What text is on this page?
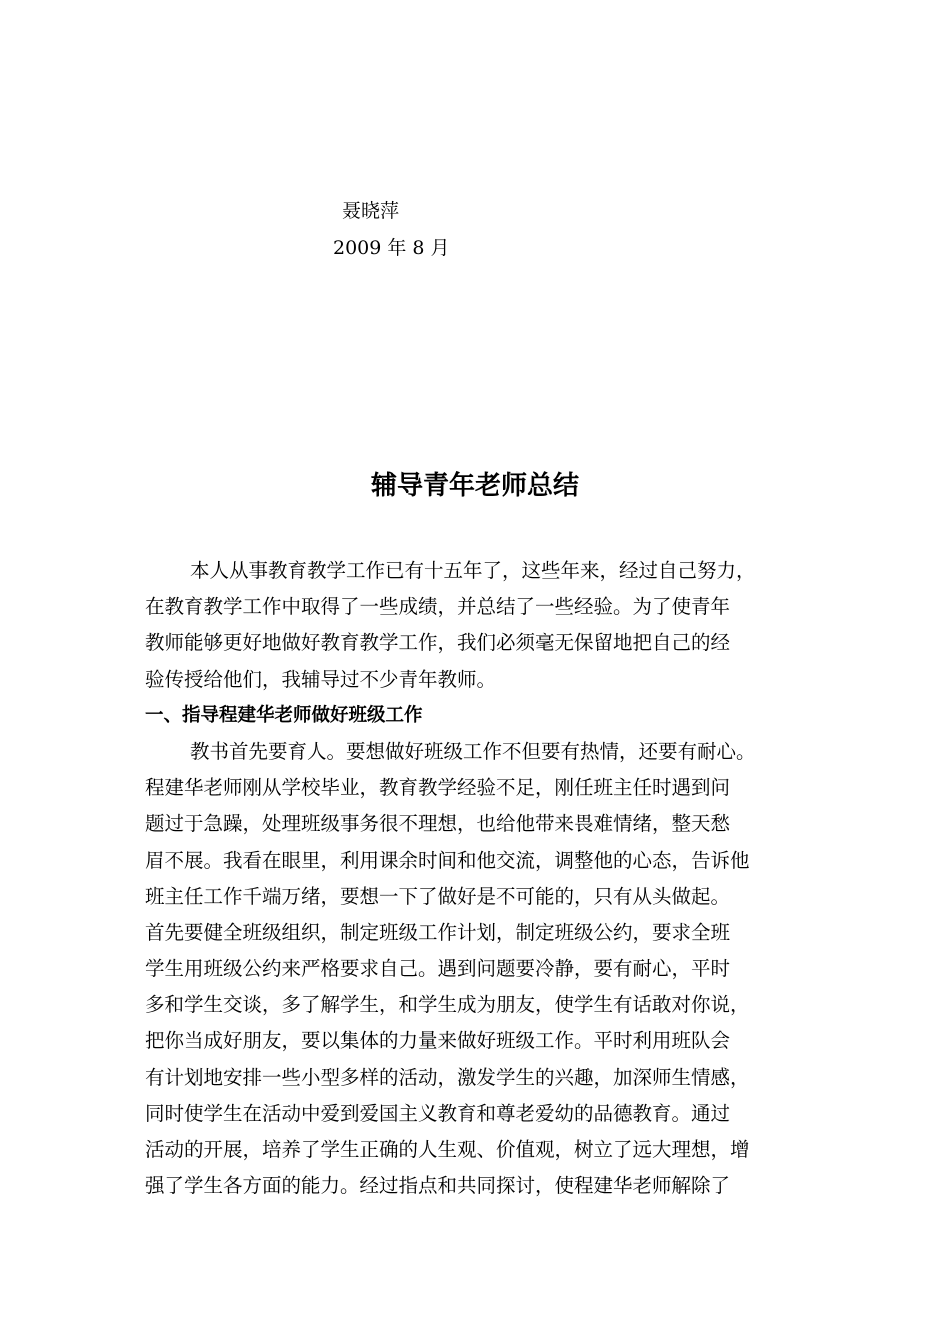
聂晓萍
2009 年 8 月
辅导青年老师总结
本人从事教育教学工作已有十五年了，这些年来，经过自己努力，
在教育教学工作中取得了一些成绩，并总结了一些经验。为了使青年
教师能够更好地做好教育教学工作，我们必须毫无保留地把自己的经
验传授给他们，我辅导过不少青年教师。
一、指导程建华老师做好班级工作
教书首先要育人。要想做好班级工作不但要有热情，还要有耐心。
程建华老师刚从学校毕业，教育教学经验不足，刚任班主任时遇到问
题过于急躁，处理班级事务很不理想，也给他带来畏难情绪，整天愁
眉不展。我看在眼里，利用课余时间和他交流，调整他的心态，告诉他
班主任工作千端万绪，要想一下了做好是不可能的，只有从头做起。
首先要健全班级组织，制定班级工作计划，制定班级公约，要求全班
学生用班级公约来严格要求自己。遇到问题要冷静，要有耐心，平时
多和学生交谈，多了解学生，和学生成为朋友，使学生有话敢对你说，
把你当成好朋友，要以集体的力量来做好班级工作。平时利用班队会
有计划地安排一些小型多样的活动，激发学生的兴趣，加深师生情感，
同时使学生在活动中爱到爱国主义教育和尊老爱幼的品德教育。通过
活动的开展，培养了学生正确的人生观、价值观，树立了远大理想，增
强了学生各方面的能力。经过指点和共同探讨，使程建华老师解除了
